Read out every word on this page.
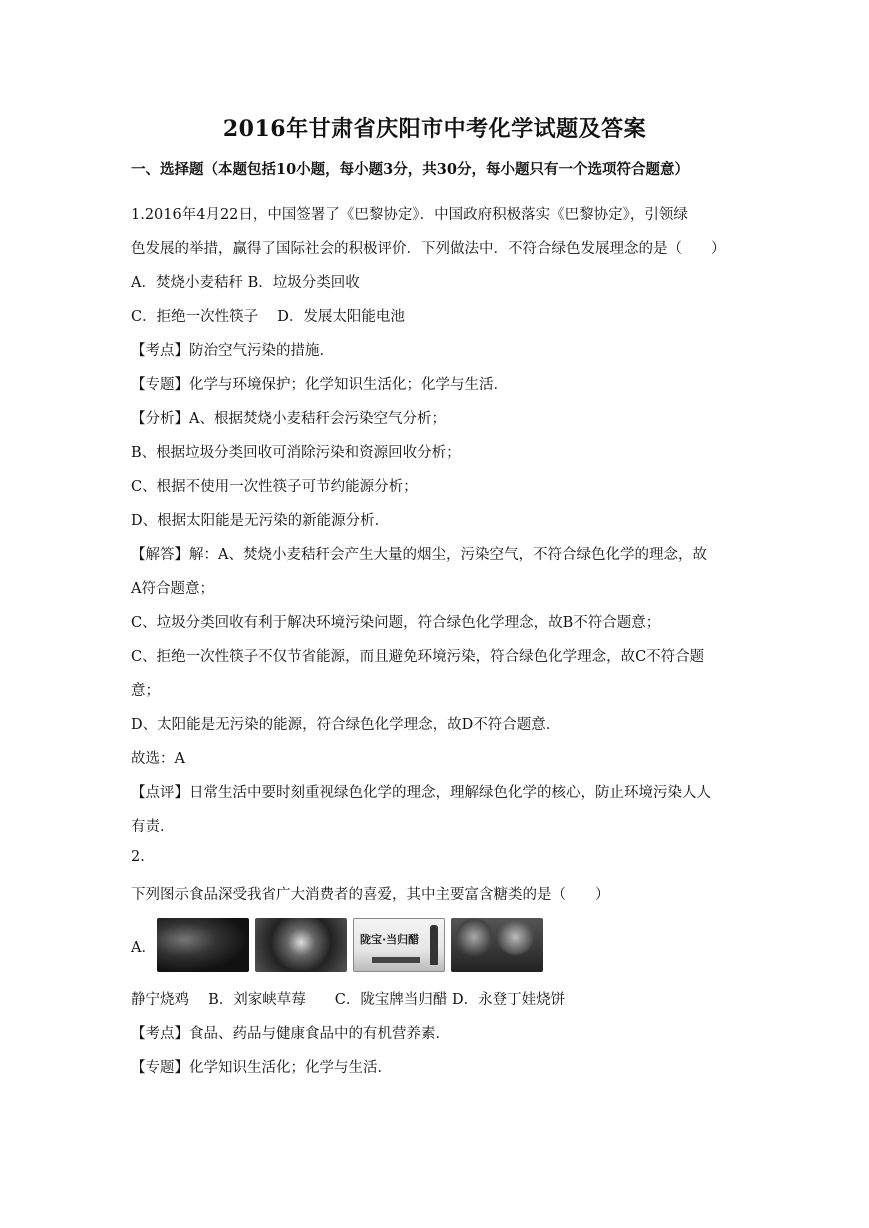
2016年甘肃省庆阳市中考化学试题及答案
一、选择题（本题包括10小题，每小题3分，共30分，每小题只有一个选项符合题意）
1.2016年4月22日，中国签署了《巴黎协定》．中国政府积极落实《巴黎协定》，引领绿
色发展的举措，赢得了国际社会的积极评价．下列做法中．不符合绿色发展理念的是（　　）
A．焚烧小麦秸秆 B．垃圾分类回收
C．拒绝一次性筷子　 D．发展太阳能电池
【考点】防治空气污染的措施．
【专题】化学与环境保护；化学知识生活化；化学与生活．
【分析】A、根据焚烧小麦秸秆会污染空气分析；
B、根据垃圾分类回收可消除污染和资源回收分析；
C、根据不使用一次性筷子可节约能源分析；
D、根据太阳能是无污染的新能源分析．
【解答】解：A、焚烧小麦秸秆会产生大量的烟尘，污染空气，不符合绿色化学的理念，故
A符合题意；
C、垃圾分类回收有利于解决环境污染问题，符合绿色化学理念，故B不符合题意；
C、拒绝一次性筷子不仅节省能源，而且避免环境污染，符合绿色化学理念，故C不符合题
意；
D、太阳能是无污染的能源，符合绿色化学理念，故D不符合题意．
故选：A
【点评】日常生活中要时刻重视绿色化学的理念，理解绿色化学的核心，防止环境污染人人
有责．
2.
下列图示食品深受我省广大消费者的喜爱，其中主要富含糖类的是（　　）
A．
陇宝·当归醋
静宁烧鸡　 B．刘家峡草莓　　C．陇宝牌当归醋 D．永登丁娃烧饼
【考点】食品、药品与健康食品中的有机营养素．
【专题】化学知识生活化；化学与生活．
